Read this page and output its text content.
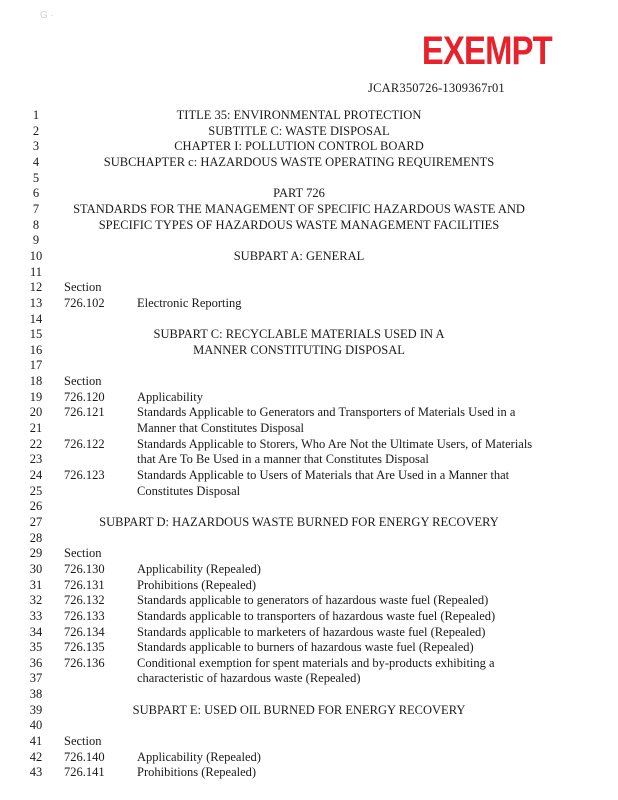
G ·
EXEMPT
JCAR350726-1309367r01
1	TITLE 35: ENVIRONMENTAL PROTECTION
2	SUBTITLE C: WASTE DISPOSAL
3	CHAPTER I: POLLUTION CONTROL BOARD
4	SUBCHAPTER c: HAZARDOUS WASTE OPERATING REQUIREMENTS
5
6	PART 726
7	STANDARDS FOR THE MANAGEMENT OF SPECIFIC HAZARDOUS WASTE AND
8	SPECIFIC TYPES OF HAZARDOUS WASTE MANAGEMENT FACILITIES
9
10	SUBPART A: GENERAL
11
12	Section
13	726.102	Electronic Reporting
14
15	SUBPART C: RECYCLABLE MATERIALS USED IN A
16	MANNER CONSTITUTING DISPOSAL
17
18	Section
19	726.120	Applicability
20	726.121	Standards Applicable to Generators and Transporters of Materials Used in a
21	Manner that Constitutes Disposal
22	726.122	Standards Applicable to Storers, Who Are Not the Ultimate Users, of Materials
23	that Are To Be Used in a manner that Constitutes Disposal
24	726.123	Standards Applicable to Users of Materials that Are Used in a Manner that
25	Constitutes Disposal
26
27	SUBPART D: HAZARDOUS WASTE BURNED FOR ENERGY RECOVERY
28
29	Section
30	726.130	Applicability (Repealed)
31	726.131	Prohibitions (Repealed)
32	726.132	Standards applicable to generators of hazardous waste fuel (Repealed)
33	726.133	Standards applicable to transporters of hazardous waste fuel (Repealed)
34	726.134	Standards applicable to marketers of hazardous waste fuel (Repealed)
35	726.135	Standards applicable to burners of hazardous waste fuel (Repealed)
36	726.136	Conditional exemption for spent materials and by-products exhibiting a
37	characteristic of hazardous waste (Repealed)
38
39	SUBPART E: USED OIL BURNED FOR ENERGY RECOVERY
40
41	Section
42	726.140	Applicability (Repealed)
43	726.141	Prohibitions (Repealed)
